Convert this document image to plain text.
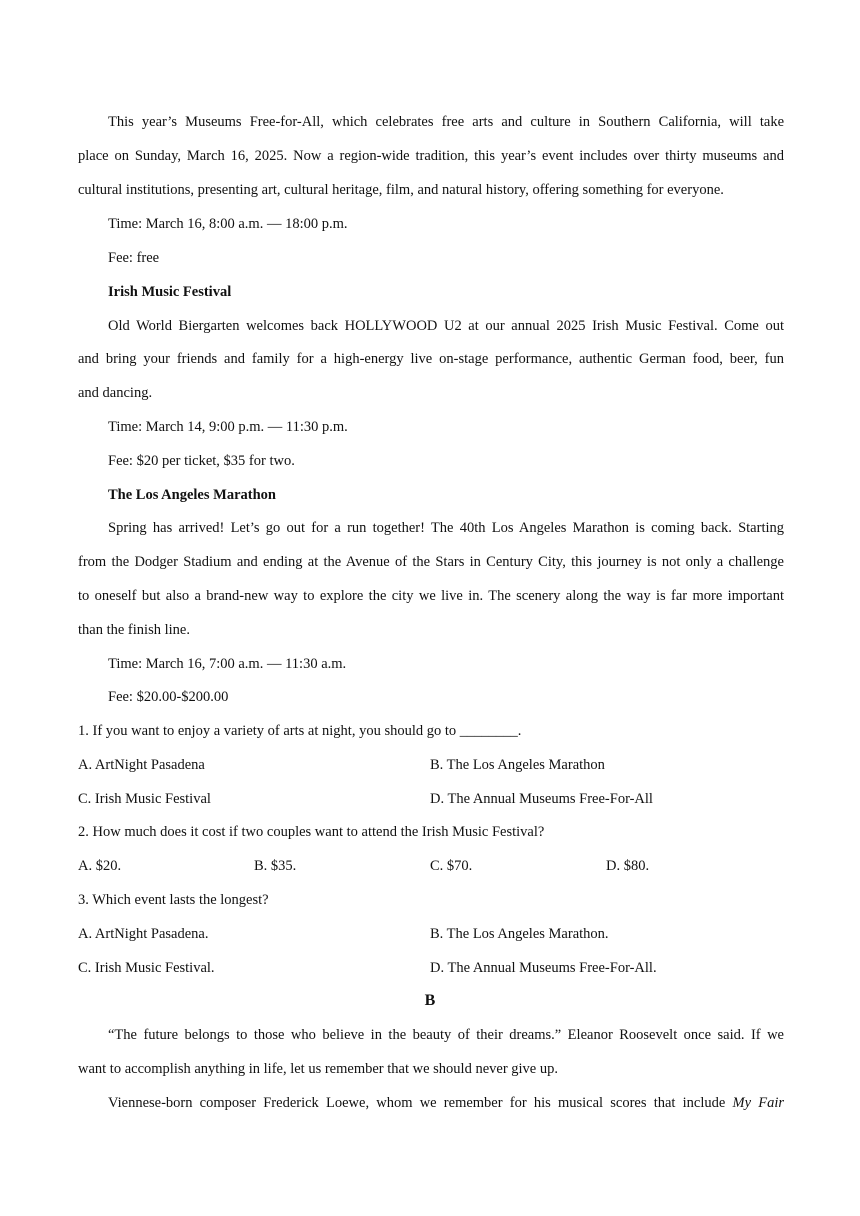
This year’s Museums Free-for-All, which celebrates free arts and culture in Southern California, will take
place on Sunday, March 16, 2025. Now a region-wide tradition, this year’s event includes over thirty museums and
cultural institutions, presenting art, cultural heritage, film, and natural history, offering something for everyone.
Time: March 16, 8:00 a.m. — 18:00 p.m.
Fee: free
Irish Music Festival
Old World Biergarten welcomes back HOLLYWOOD U2 at our annual 2025 Irish Music Festival. Come out
and bring your friends and family for a high-energy live on-stage performance, authentic German food, beer, fun
and dancing.
Time: March 14, 9:00 p.m. — 11:30 p.m.
Fee: $20 per ticket, $35 for two.
The Los Angeles Marathon
Spring has arrived! Let’s go out for a run together! The 40th Los Angeles Marathon is coming back. Starting
from the Dodger Stadium and ending at the Avenue of the Stars in Century City, this journey is not only a challenge
to oneself but also a brand-new way to explore the city we live in. The scenery along the way is far more important
than the finish line.
Time: March 16, 7:00 a.m. — 11:30 a.m.
Fee: $20.00-$200.00
1. If you want to enjoy a variety of arts at night, you should go to ________.
A. ArtNight Pasadena	B. The Los Angeles Marathon
C. Irish Music Festival	D. The Annual Museums Free-For-All
2. How much does it cost if two couples want to attend the Irish Music Festival?
A. $20.	B. $35.	C. $70.	D. $80.
3. Which event lasts the longest?
A. ArtNight Pasadena.	B. The Los Angeles Marathon.
C. Irish Music Festival.	D. The Annual Museums Free-For-All.
B
“The future belongs to those who believe in the beauty of their dreams.” Eleanor Roosevelt once said. If we
want to accomplish anything in life, let us remember that we should never give up.
Viennese-born composer Frederick Loewe, whom we remember for his musical scores that include My Fair
